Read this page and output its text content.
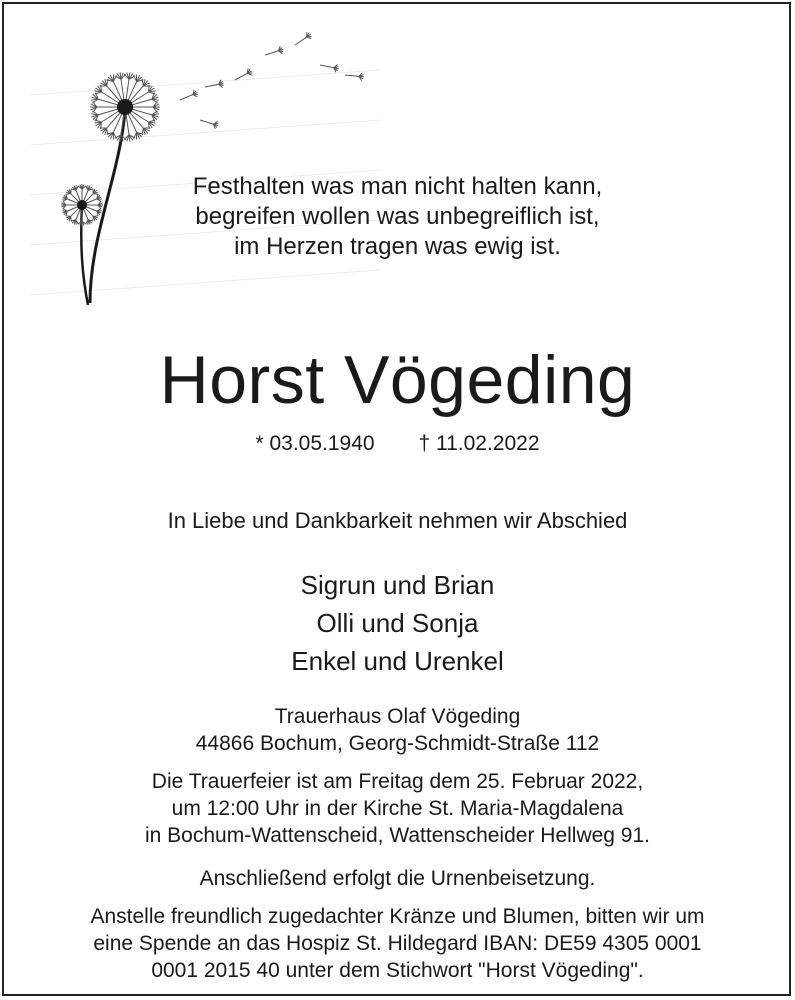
Festhalten was man nicht halten kann,
begreifen wollen was unbegreiflich ist,
im Herzen tragen was ewig ist.
Horst Vögeding
* 03.05.1940 † 11.02.2022
In Liebe und Dankbarkeit nehmen wir Abschied
Sigrun und Brian
Olli und Sonja
Enkel und Urenkel
Trauerhaus Olaf Vögeding
44866 Bochum, Georg-Schmidt-Straße 112
Die Trauerfeier ist am Freitag dem 25. Februar 2022,
um 12:00 Uhr in der Kirche St. Maria-Magdalena
in Bochum-Wattenscheid, Wattenscheider Hellweg 91.
Anschließend erfolgt die Urnenbeisetzung.
Anstelle freundlich zugedachter Kränze und Blumen, bitten wir um
eine Spende an das Hospiz St. Hildegard IBAN: DE59 4305 0001
0001 2015 40 unter dem Stichwort "Horst Vögeding".
